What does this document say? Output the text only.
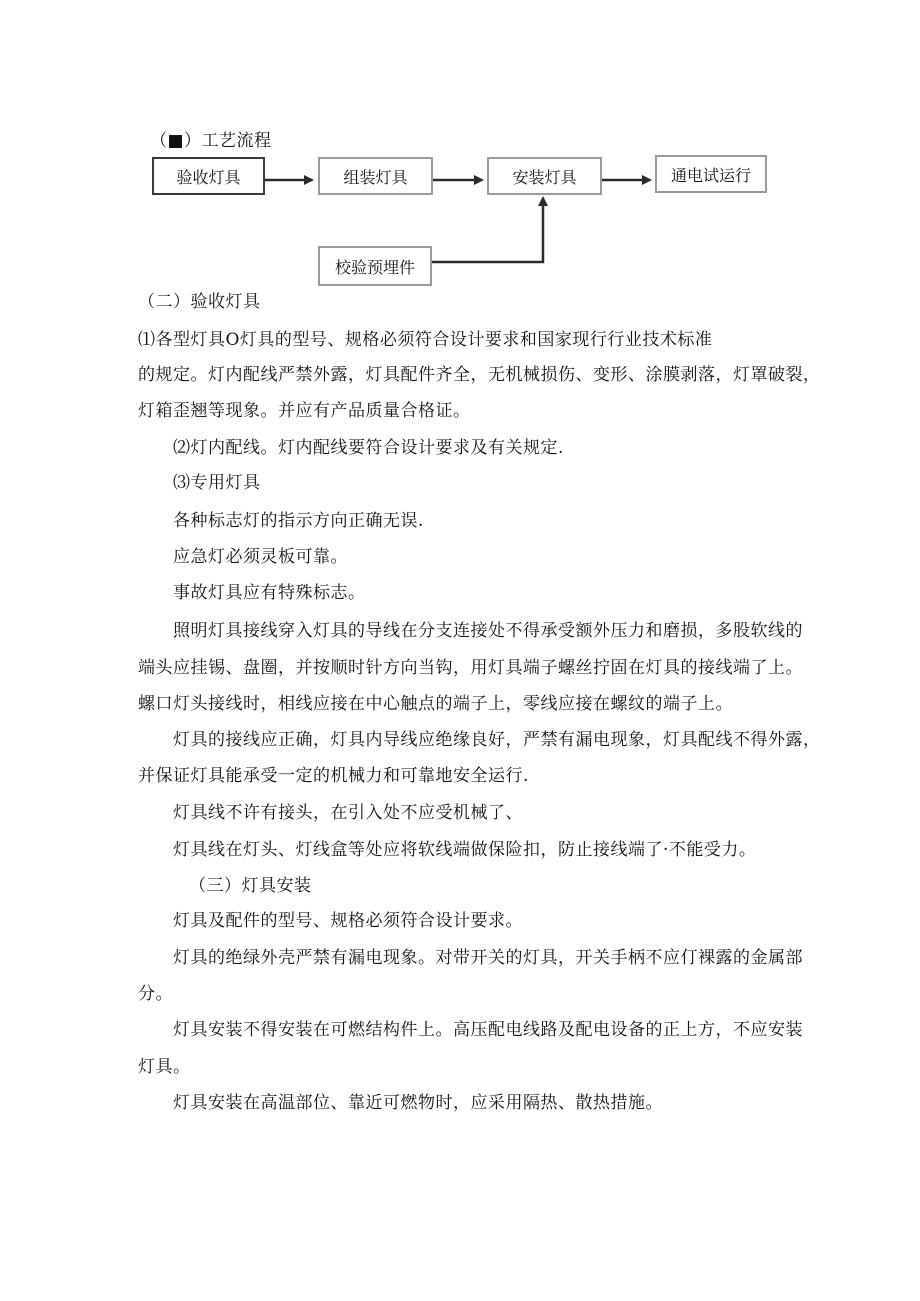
（■）工艺流程
验收灯具	组装灯具	安装灯具	通电试运行
校验预埋件
（二）验收灯具
⑴各型灯具O灯具的型号、规格必须符合设计要求和国家现行行业技术标准
的规定。灯内配线严禁外露，灯具配件齐全，无机械损伤、变形、涂膜剥落，灯罩破裂，
灯箱歪翘等现象。并应有产品质量合格证。
⑵灯内配线。灯内配线要符合设计要求及有关规定.
⑶专用灯具
各种标志灯的指示方向正确无误.
应急灯必须灵板可靠。
事故灯具应有特殊标志。
照明灯具接线穿入灯具的导线在分支连接处不得承受额外压力和磨损，多股软线的
端头应挂锡、盘圈，并按顺时针方向当钩，用灯具端子螺丝拧固在灯具的接线端了上。
螺口灯头接线时，相线应接在中心触点的端子上，零线应接在螺纹的端子上。
灯具的接线应正确，灯具内导线应绝缘良好，严禁有漏电现象，灯具配线不得外露，
并保证灯具能承受一定的机械力和可靠地安全运行.
灯具线不许有接头，在引入处不应受机械了、
灯具线在灯头、灯线盒等处应将软线端做保险扣，防止接线端了·不能受力。
（三）灯具安装
灯具及配件的型号、规格必须符合设计要求。
灯具的绝绿外壳严禁有漏电现象。对带开关的灯具，开关手柄不应仃裸露的金属部
分。
灯具安装不得安装在可燃结构件上。高压配电线路及配电设备的正上方，不应安装
灯具。
灯具安装在高温部位、靠近可燃物时，应采用隔热、散热措施。
